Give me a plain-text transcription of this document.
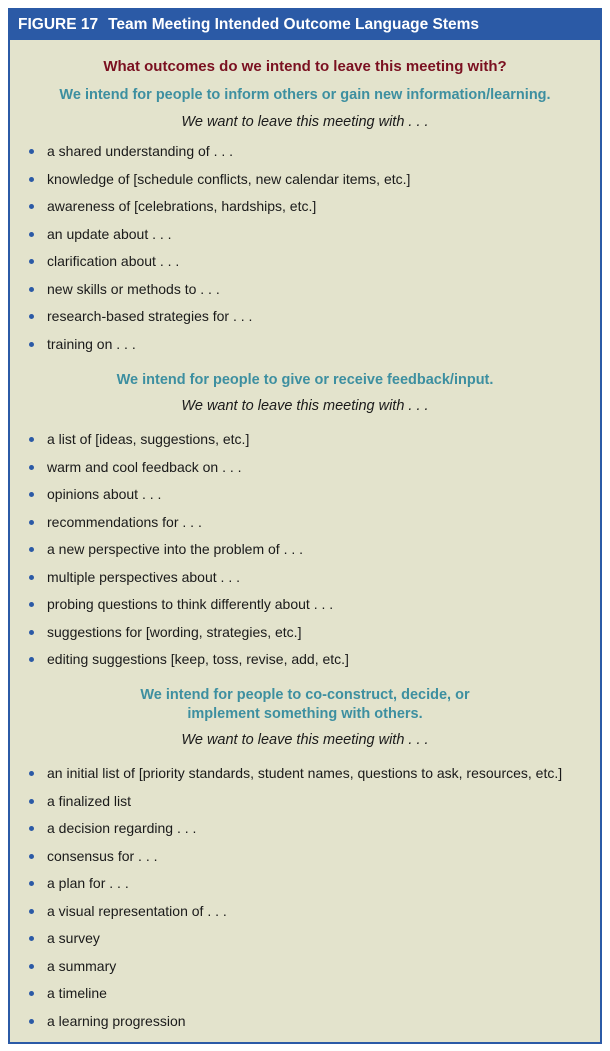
FIGURE 17 Team Meeting Intended Outcome Language Stems

What outcomes do we intend to leave this meeting with?

We intend for people to inform others or gain new information/learning.

We want to leave this meeting with . . .

a shared understanding of . . .
knowledge of [schedule conflicts, new calendar items, etc.]
awareness of [celebrations, hardships, etc.]
an update about . . .
clarification about . . .
new skills or methods to . . .
research-based strategies for . . .
training on . . .

We intend for people to give or receive feedback/input.

We want to leave this meeting with . . .

a list of [ideas, suggestions, etc.]
warm and cool feedback on . . .
opinions about . . .
recommendations for . . .
a new perspective into the problem of . . .
multiple perspectives about . . .
probing questions to think differently about . . .
suggestions for [wording, strategies, etc.]
editing suggestions [keep, toss, revise, add, etc.]

We intend for people to co-construct, decide, or

implement something with others.

We want to leave this meeting with . . .

an initial list of [priority standards, student names, questions to ask, resources, etc.]
a finalized list
a decision regarding . . .
consensus for . . .
a plan for . . .
a visual representation of . . .
a survey
a summary
a timeline
a learning progression
